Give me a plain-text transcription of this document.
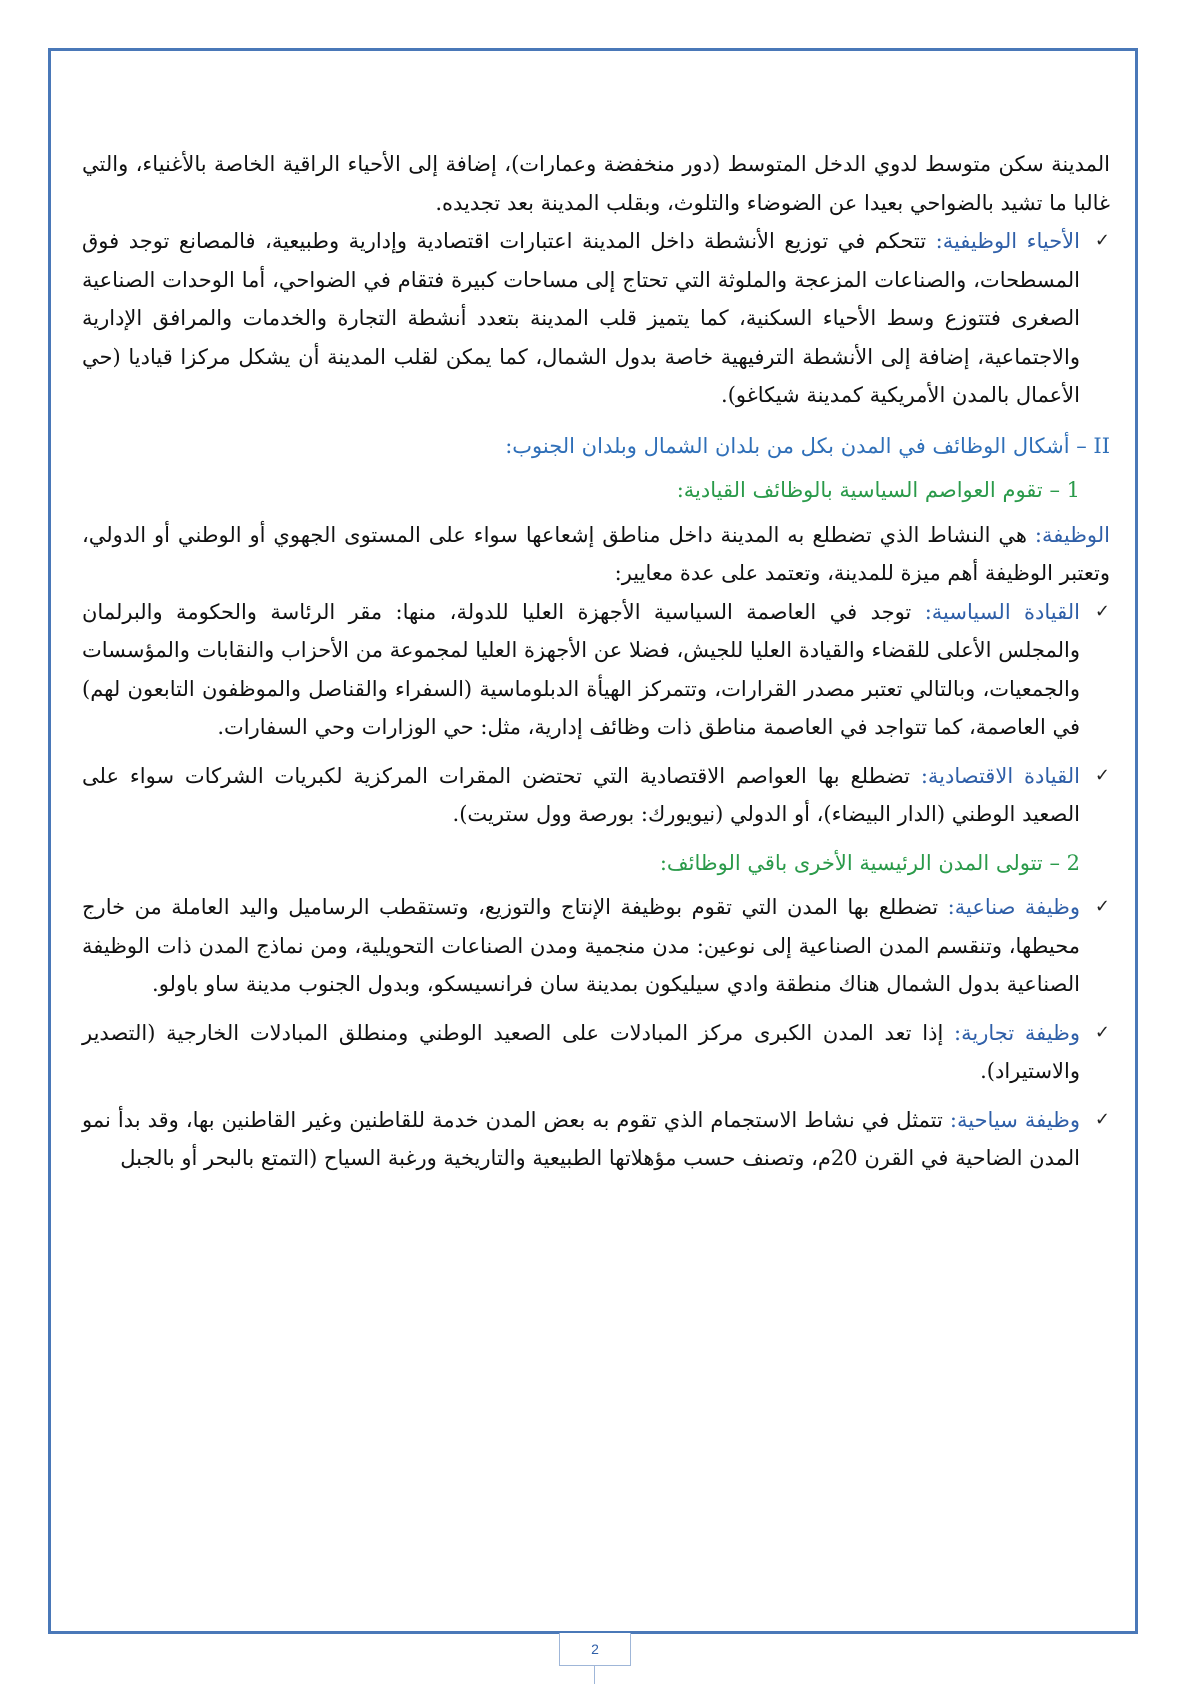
المدينة سكن متوسط لدوي الدخل المتوسط (دور منخفضة وعمارات)، إضافة إلى الأحياء الراقية الخاصة بالأغنياء، والتي غالبا ما تشيد بالضواحي بعيدا عن الضوضاء والتلوث، وبقلب المدينة بعد تجديده.

✓
الأحياء الوظيفية: تتحكم في توزيع الأنشطة داخل المدينة اعتبارات اقتصادية وإدارية وطبيعية، فالمصانع توجد فوق المسطحات، والصناعات المزعجة والملوثة التي تحتاج إلى مساحات كبيرة فتقام في الضواحي، أما الوحدات الصناعية الصغرى فتتوزع وسط الأحياء السكنية، كما يتميز قلب المدينة بتعدد أنشطة التجارة والخدمات والمرافق الإدارية والاجتماعية، إضافة إلى الأنشطة الترفيهية خاصة بدول الشمال، كما يمكن لقلب المدينة أن يشكل مركزا قياديا (حي الأعمال بالمدن الأمريكية كمدينة شيكاغو).
II – أشكال الوظائف في المدن بكل من بلدان الشمال وبلدان الجنوب:
1 – تقوم العواصم السياسية بالوظائف القيادية:

الوظيفة: هي النشاط الذي تضطلع به المدينة داخل مناطق إشعاعها سواء على المستوى الجهوي أو الوطني أو الدولي، وتعتبر الوظيفة أهم ميزة للمدينة، وتعتمد على عدة معايير:

✓
القيادة السياسية: توجد في العاصمة السياسية الأجهزة العليا للدولة، منها: مقر الرئاسة والحكومة والبرلمان والمجلس الأعلى للقضاء والقيادة العليا للجيش، فضلا عن الأجهزة العليا لمجموعة من الأحزاب والنقابات والمؤسسات والجمعيات، وبالتالي تعتبر مصدر القرارات، وتتمركز الهيأة الدبلوماسية (السفراء والقناصل والموظفون التابعون لهم) في العاصمة، كما تتواجد في العاصمة مناطق ذات وظائف إدارية، مثل: حي الوزارات وحي السفارات.
✓
القيادة الاقتصادية: تضطلع بها العواصم الاقتصادية التي تحتضن المقرات المركزية لكبريات الشركات سواء على الصعيد الوطني (الدار البيضاء)، أو الدولي (نيويورك: بورصة وول ستريت).
2 – تتولى المدن الرئيسية الأخرى باقي الوظائف:
✓
وظيفة صناعية: تضطلع بها المدن التي تقوم بوظيفة الإنتاج والتوزيع، وتستقطب الرساميل واليد العاملة من خارج محيطها، وتنقسم المدن الصناعية إلى نوعين: مدن منجمية ومدن الصناعات التحويلية، ومن نماذج المدن ذات الوظيفة الصناعية بدول الشمال هناك منطقة وادي سيليكون بمدينة سان فرانسيسكو، وبدول الجنوب مدينة ساو باولو.
✓
وظيفة تجارية: إذا تعد المدن الكبرى مركز المبادلات على الصعيد الوطني ومنطلق المبادلات الخارجية (التصدير والاستيراد).
✓
وظيفة سياحية: تتمثل في نشاط الاستجمام الذي تقوم به بعض المدن خدمة للقاطنين وغير القاطنين بها، وقد بدأ نمو المدن الضاحية في القرن 20م، وتصنف حسب مؤهلاتها الطبيعية والتاريخية ورغبة السياح (التمتع بالبحر أو بالجبل
2
